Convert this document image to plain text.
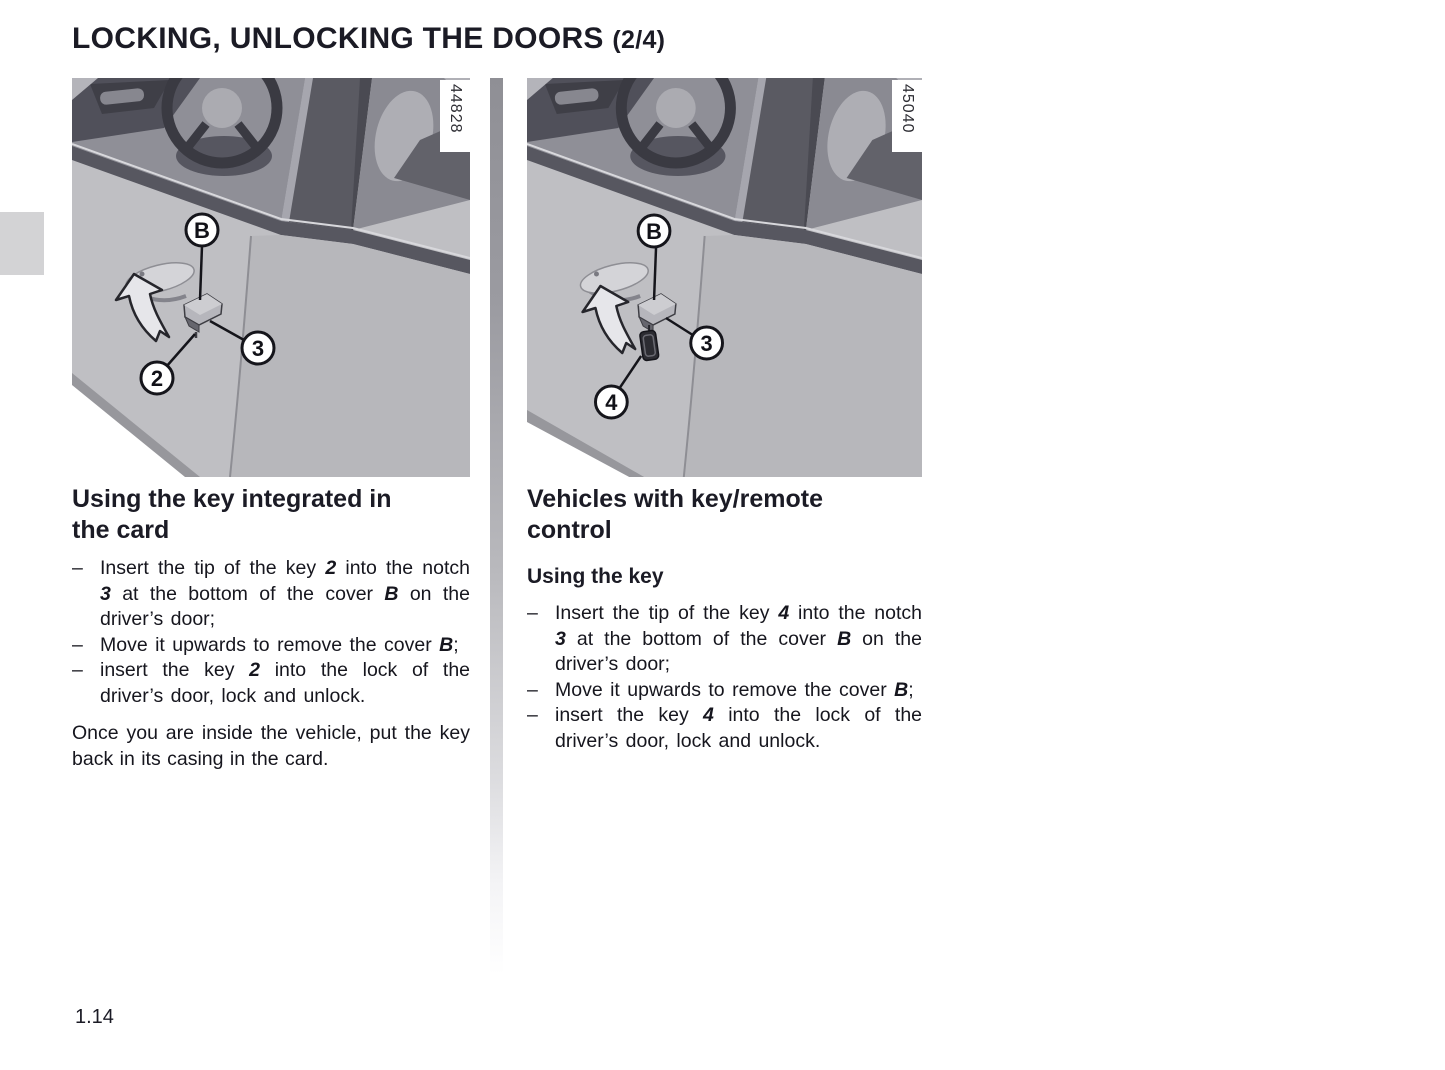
LOCKING, UNLOCKING THE DOORS (2/4)
B
3
2
44828
B
3
4
45040
Using the key integrated in
the card
– Insert the tip of the key 2 into the notch 3 at the bottom of the cover B on the driver’s door;

– Move it upwards to remove the cover B;

– insert the key 2 into the lock of the driver’s door, lock and unlock.

Once you are inside the vehicle, put the key back in its casing in the card.

Vehicles with key/remote
control
Using the key
– Insert the tip of the key 4 into the notch 3 at the bottom of the cover B on the driver’s door;

– Move it upwards to remove the cover B;

– insert the key 4 into the lock of the driver’s door, lock and unlock.

1.14
